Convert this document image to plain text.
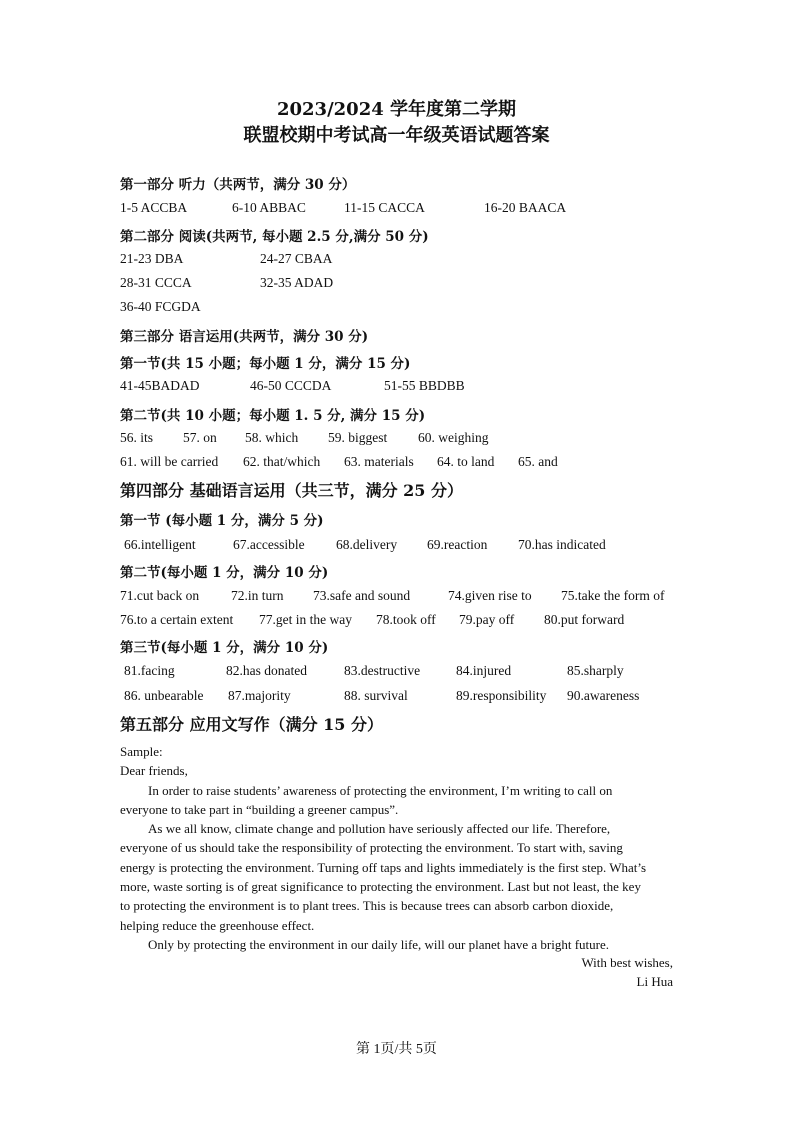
2023/2024 学年度第二学期
联盟校期中考试高一年级英语试题答案
第一部分 听力（共两节，满分 30 分）
1-5 ACCBA	6-10 ABBAC	11-15 CACCA	16-20 BAACA
第二部分 阅读(共两节, 每小题 2.5 分,满分 50 分)
21-23 DBA	24-27 CBAA
28-31 CCCA	32-35 ADAD
36-40 FCGDA
第三部分 语言运用(共两节，满分 30 分)
第一节(共 15 小题；每小题 1 分，满分 15 分)
41-45BADAD	46-50 CCCDA	51-55 BBDBB
第二节(共 10 小题；每小题 1. 5 分, 满分 15 分)
56. its 57. on 58. which 59. biggest 60. weighing
61. will be carried 62. that/which 63. materials 64. to land 65. and
第四部分 基础语言运用（共三节，满分 25 分）
第一节 (每小题 1 分，满分 5 分)
66.intelligent	67.accessible 68.delivery 69.reaction 70.has indicated
第二节(每小题 1 分，满分 10 分)
71.cut back on 72.in turn 73.safe and sound	74.given rise to 75.take the form of
76.to a certain extent 77.get in the way 78.took off 79.pay off 80.put forward
第三节(每小题 1 分，满分 10 分)
81.facing	82.has donated	83.destructive	84.injured	85.sharply
86. unbearable 87.majority	88. survival	89.responsibility 90.awareness
第五部分 应用文写作（满分 15 分）

Sample:

Dear friends,

In order to raise students’ awareness of protecting the environment, I’m writing to call on everyone to take part in “building a greener campus”.

As we all know, climate change and pollution have seriously affected our life. Therefore, everyone of us should take the responsibility of protecting the environment. To start with, saving energy is protecting the environment. Turning off taps and lights immediately is the first step. What’s more, waste sorting is of great significance to protecting the environment. Last but not least, the key to protecting the environment is to plant trees. This is because trees can absorb carbon dioxide, helping reduce the greenhouse effect.

Only by protecting the environment in our daily life, will our planet have a bright future.

With best wishes,
Li Hua
第 1页/共 5页
